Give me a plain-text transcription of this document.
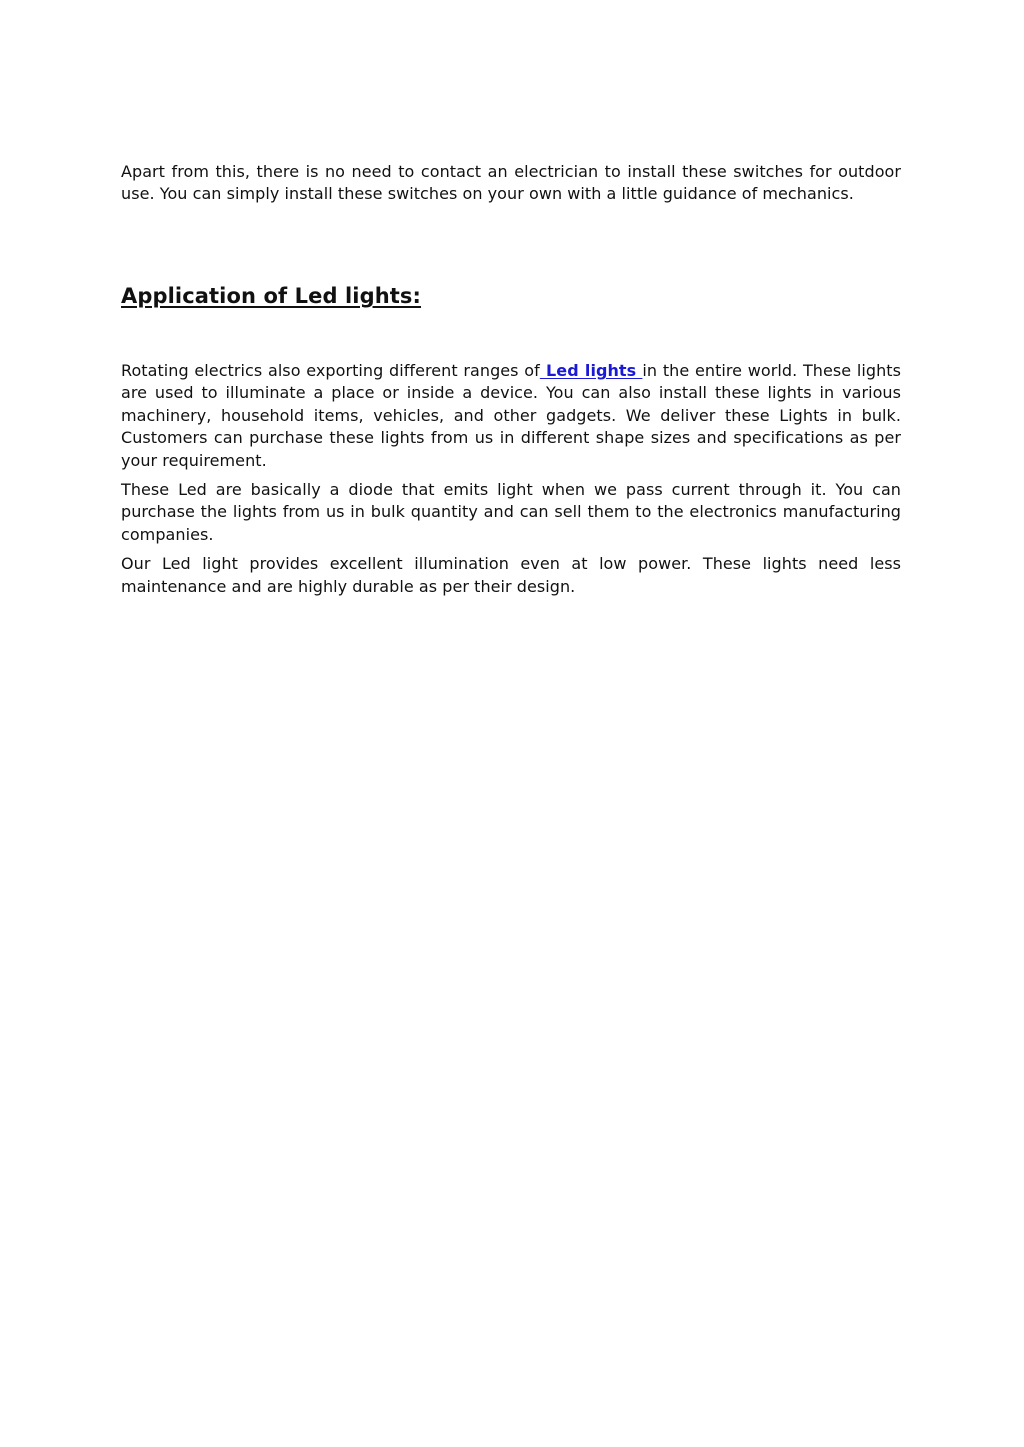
Apart from this, there is no need to contact an electrician to install these switches for outdoor use. You can simply install these switches on your own with a little guidance of mechanics.

Application of Led lights:

Rotating electrics also exporting different ranges of Led lights in the entire world. These lights are used to illuminate a place or inside a device. You can also install these lights in various machinery, household items, vehicles, and other gadgets. We deliver these Lights in bulk. Customers can purchase these lights from us in different shape sizes and specifications as per your requirement.

These Led are basically a diode that emits light when we pass current through it. You can purchase the lights from us in bulk quantity and can sell them to the electronics manufacturing companies.

Our Led light provides excellent illumination even at low power. These lights need less maintenance and are highly durable as per their design.
